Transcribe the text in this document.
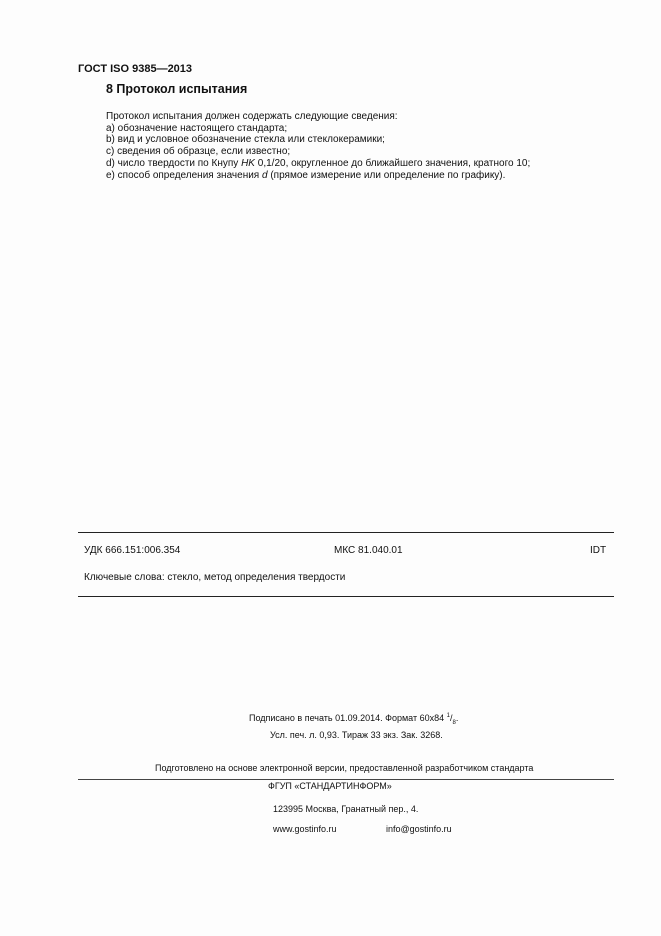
ГОСТ ISO 9385—2013
8 Протокол испытания
Протокол испытания должен содержать следующие сведения:
a) обозначение настоящего стандарта;
b) вид и условное обозначение стекла или стеклокерамики;
c) сведения об образце, если известно;
d) число твердости по Кнупу HK 0,1/20, округленное до ближайшего значения, кратного 10;
e) способ определения значения d (прямое измерение или определение по графику).
УДК 666.151:006.354	МКС 81.040.01	IDT
Ключевые слова: стекло, метод определения твердости
Подписано в печать 01.09.2014. Формат 60x84 $^1/_8$.
Усл. печ. л. 0,93. Тираж 33 экз. Зак. 3268.
Подготовлено на основе электронной версии, предоставленной разработчиком стандарта
ФГУП «СТАНДАРТИНФОРМ»
123995 Москва, Гранатный пер., 4.
www.gostinfo.ru	info@gostinfo.ru
